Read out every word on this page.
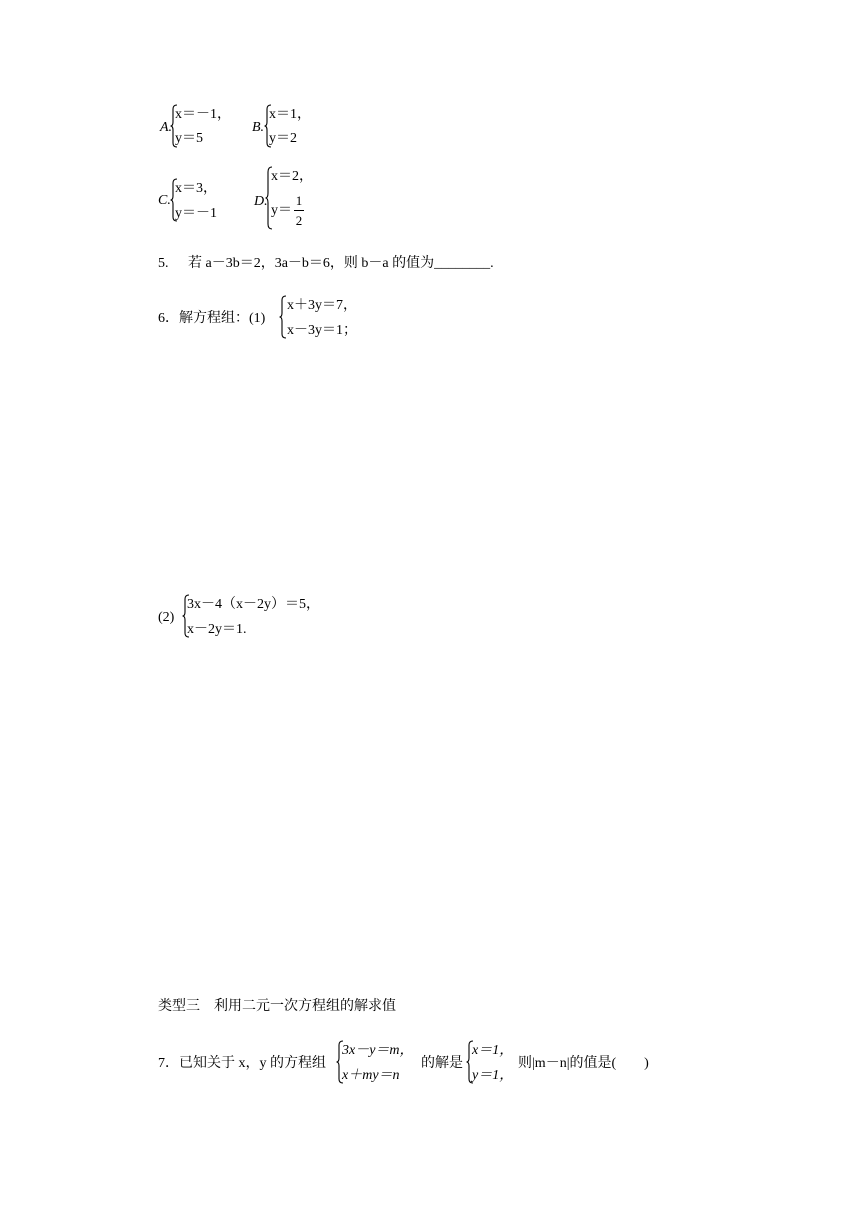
A.
x＝－1，
y＝5
B.
x＝1，
y＝2
C.
x＝3，
y＝－1
D.
x＝2，
y＝
1
2
5. 若 a－3b＝2，3a－b＝6，则 b－a 的值为________.
6．解方程组：(1)
x＋3y＝7，
x－3y＝1；
(2)
3x－4（x－2y）＝5，
x－2y＝1.
类型三　利用二元一次方程组的解求值
7．已知关于 x，y 的方程组
3x－y＝m，
x＋my＝n
的解是
x＝1，
y＝1，
则|m－n|的值是(　　)
